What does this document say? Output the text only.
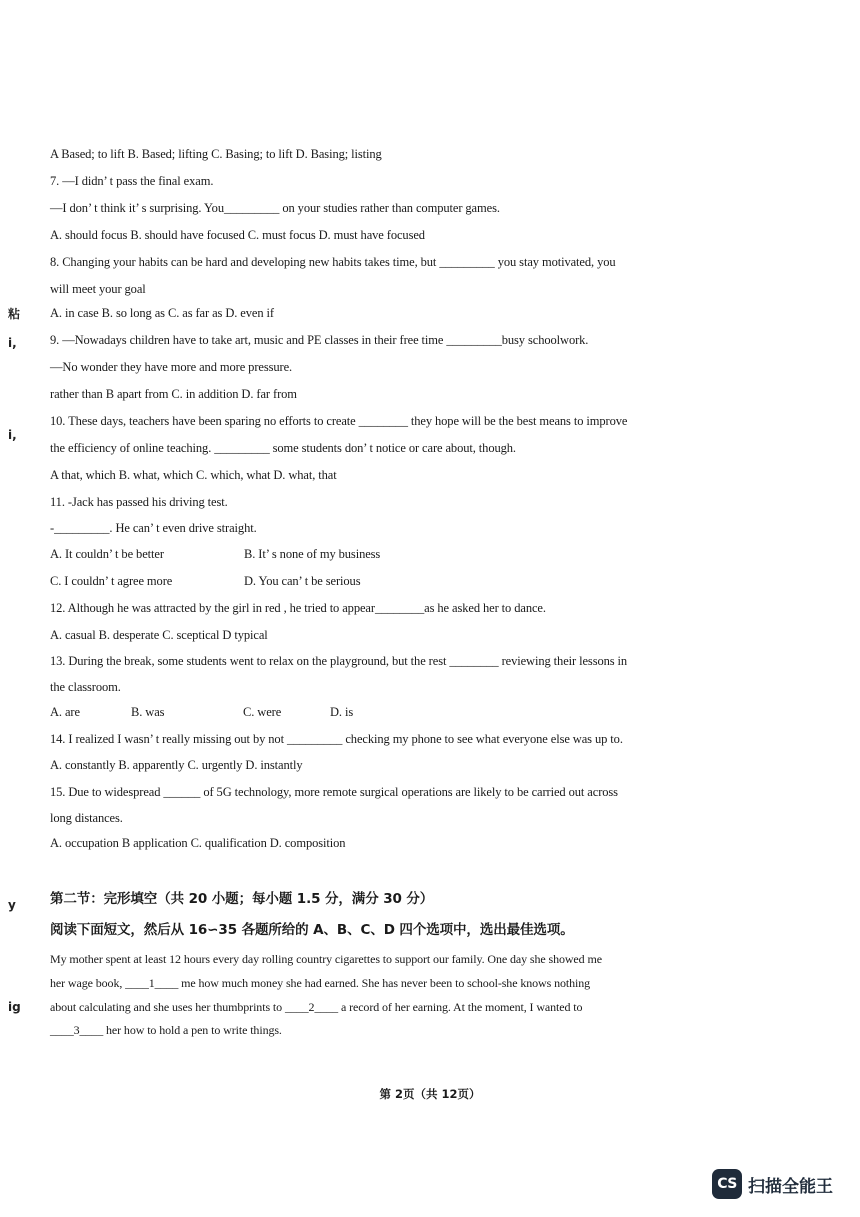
A Based; to lift B. Based; lifting C. Basing; to lift D. Basing; listing
7. —I didn’ t pass the final exam.
—I don’ t think it’ s surprising. You_________ on your studies rather than computer games.
A. should focus B. should have focused C. must focus D. must have focused
8. Changing your habits can be hard and developing new habits takes time, but _________ you stay motivated, you
will meet your goal
A. in case B. so long as C. as far as D. even if
9. —Nowadays children have to take art, music and PE classes in their free time _________busy schoolwork.
—No wonder they have more and more pressure.
rather than B apart from C. in addition D. far from
10. These days, teachers have been sparing no efforts to create ________ they hope will be the best means to improve
the efficiency of online teaching. _________ some students don’ t notice or care about, though.
A that, which B. what, which C. which, what D. what, that
11. -Jack has passed his driving test.
-_________. He can’ t even drive straight.
A. It couldn’ t be better	B. It’ s none of my business
C. I couldn’ t agree more	D. You can’ t be serious
12. Although he was attracted by the girl in red , he tried to appear________as he asked her to dance.
A. casual B. desperate C. sceptical D typical
13. During the break, some students went to relax on the playground, but the rest ________ reviewing their lessons in
the classroom.
A. are	B. was	C. were	D. is
14. I realized I wasn’ t really missing out by not _________ checking my phone to see what everyone else was up to.
A. constantly B. apparently C. urgently D. instantly
15. Due to widespread ______ of 5G technology, more remote surgical operations are likely to be carried out across
long distances.
A. occupation B application C. qualification D. composition
第二节：完形填空（共 20 小题；每小题 1.5 分，满分 30 分）
阅读下面短文，然后从 16∽35 各题所给的 A、B、C、D 四个选项中，选出最佳选项。
My mother spent at least 12 hours every day rolling country cigarettes to support our family. One day she showed me
her wage book, ____1____ me how much money she had earned. She has never been to school-she knows nothing
about calculating and she uses her thumbprints to ____2____ a record of her earning. At the moment, I wanted to
____3____ her how to hold a pen to write things.
粘
i,
i,
y
ig
第 2页（共 12页）
CS 扫描全能王
